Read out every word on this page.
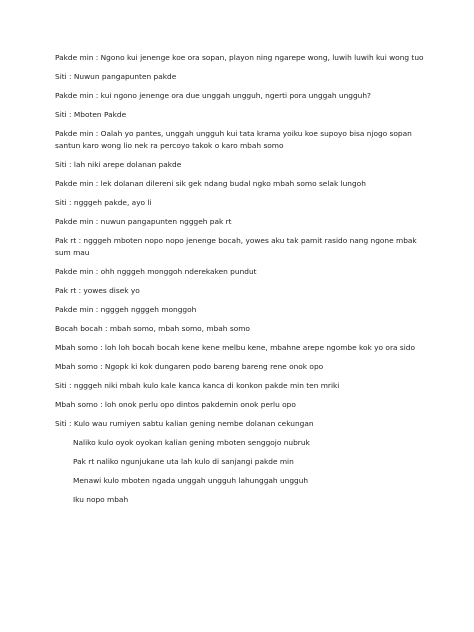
Pakde min : Ngono kui jenenge koe ora sopan, playon ning ngarepe wong, luwih luwih kui wong tuo
Siti : Nuwun pangapunten pakde
Pakde min : kui ngono jenenge ora due unggah ungguh, ngerti pora unggah ungguh?
Siti : Mboten Pakde
Pakde min : Oalah yo pantes, unggah ungguh kui tata krama yoiku koe supoyo bisa njogo sopan santun karo wong lio nek ra percoyo takok o karo mbah somo
Siti : lah niki arepe dolanan pakde
Pakde min : lek dolanan dilereni sik gek ndang budal ngko mbah somo selak lungoh
Siti : ngggeh pakde, ayo li
Pakde min : nuwun pangapunten ngggeh pak rt
Pak rt : ngggeh mboten nopo nopo jenenge bocah, yowes aku tak pamit rasido nang ngone mbak sum mau
Pakde min : ohh ngggeh monggoh nderekaken pundut
Pak rt : yowes disek yo
Pakde min : ngggeh ngggeh monggoh
Bocah bocah : mbah somo, mbah somo, mbah somo
Mbah somo : loh loh bocah bocah kene kene melbu kene, mbahne arepe ngombe kok yo ora sido
Mbah somo : Ngopk ki kok dungaren podo bareng bareng rene onok opo
Siti : ngggeh niki mbah kulo kale kanca kanca di konkon pakde min ten mriki
Mbah somo : loh onok perlu opo dintos pakdemin onok perlu opo
Siti : Kulo wau rumiyen sabtu kalian gening nembe dolanan cekungan
Naliko kulo oyok oyokan kalian gening mboten senggojo nubruk
Pak rt naliko ngunjukane uta lah kulo di sanjangi pakde min
Menawi kulo mboten ngada unggah ungguh lahunggah ungguh
Iku nopo mbah
